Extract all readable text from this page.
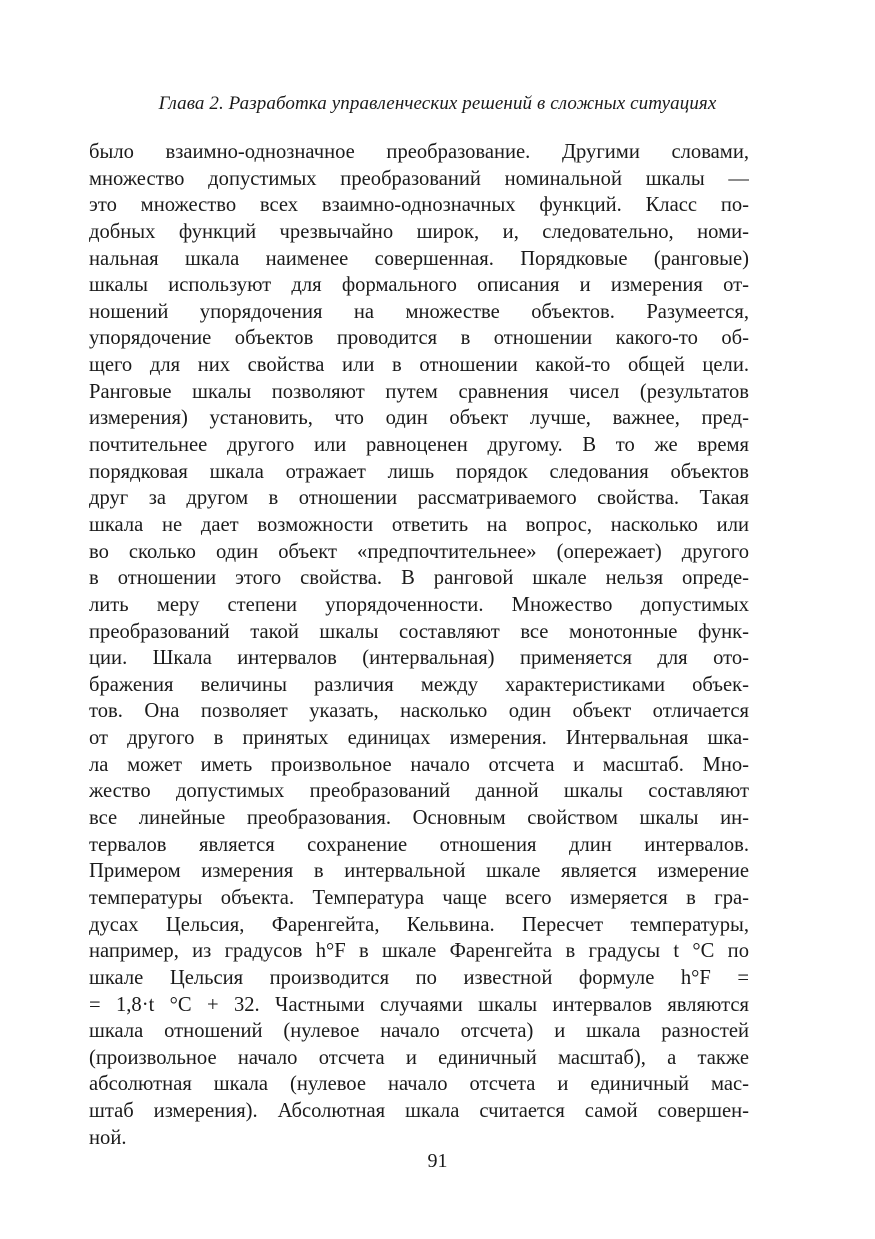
Глава 2. Разработка управленческих решений в сложных ситуациях
было взаимно-однозначное преобразование. Другими словами,
множество допустимых преобразований номинальной шкалы —
это множество всех взаимно-однозначных функций. Класс по-
добных функций чрезвычайно широк, и, следовательно, номи-
нальная шкала наименее совершенная. Порядковые (ранговые)
шкалы используют для формального описания и измерения от-
ношений упорядочения на множестве объектов. Разумеется,
упорядочение объектов проводится в отношении какого-то об-
щего для них свойства или в отношении какой-то общей цели.
Ранговые шкалы позволяют путем сравнения чисел (результатов
измерения) установить, что один объект лучше, важнее, пред-
почтительнее другого или равноценен другому. В то же время
порядковая шкала отражает лишь порядок следования объектов
друг за другом в отношении рассматриваемого свойства. Такая
шкала не дает возможности ответить на вопрос, насколько или
во сколько один объект «предпочтительнее» (опережает) другого
в отношении этого свойства. В ранговой шкале нельзя опреде-
лить меру степени упорядоченности. Множество допустимых
преобразований такой шкалы составляют все монотонные функ-
ции. Шкала интервалов (интервальная) применяется для ото-
бражения величины различия между характеристиками объек-
тов. Она позволяет указать, насколько один объект отличается
от другого в принятых единицах измерения. Интервальная шка-
ла может иметь произвольное начало отсчета и масштаб. Мно-
жество допустимых преобразований данной шкалы составляют
все линейные преобразования. Основным свойством шкалы ин-
тервалов является сохранение отношения длин интервалов.
Примером измерения в интервальной шкале является измерение
температуры объекта. Температура чаще всего измеряется в гра-
дусах Цельсия, Фаренгейта, Кельвина. Пересчет температуры,
например, из градусов h°F в шкале Фаренгейта в градусы t °C по
шкале Цельсия производится по известной формуле h°F =
= 1,8·t °C + 32. Частными случаями шкалы интервалов являются
шкала отношений (нулевое начало отсчета) и шкала разностей
(произвольное начало отсчета и единичный масштаб), а также
абсолютная шкала (нулевое начало отсчета и единичный мас-
штаб измерения). Абсолютная шкала считается самой совершен-
ной.
91
